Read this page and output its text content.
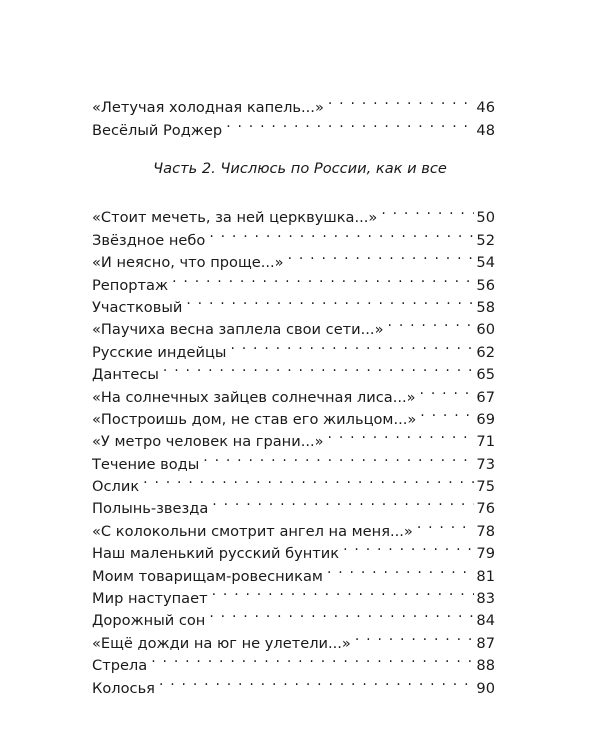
«Летучая холодная капель...» . . .	46
Весёлый Роджер . . .	48
Часть 2. Числюсь по России, как и все
«Стоит мечеть, за ней церквушка...» . . .	50
Звёздное небо . . .	52
«И неясно, что проще...» . . .	54
Репортаж . . .	56
Участковый . . .	58
«Паучиха весна заплела свои сети...» . . .	60
Русские индейцы . . .	62
Дантесы . . .	65
«На солнечных зайцев солнечная лиса...» . . .	67
«Построишь дом, не став его жильцом...» . . .	69
«У метро человек на грани...» . . .	71
Течение воды . . .	73
Ослик . . .	75
Полынь-звезда . . .	76
«С колокольни смотрит ангел на меня...» . . .	78
Наш маленький русский бунтик . . .	79
Моим товарищам-ровесникам . . .	81
Мир наступает . . .	83
Дорожный сон . . .	84
«Ещё дожди на юг не улетели...» . . .	87
Стрела . . .	88
Колосья . . .	90
